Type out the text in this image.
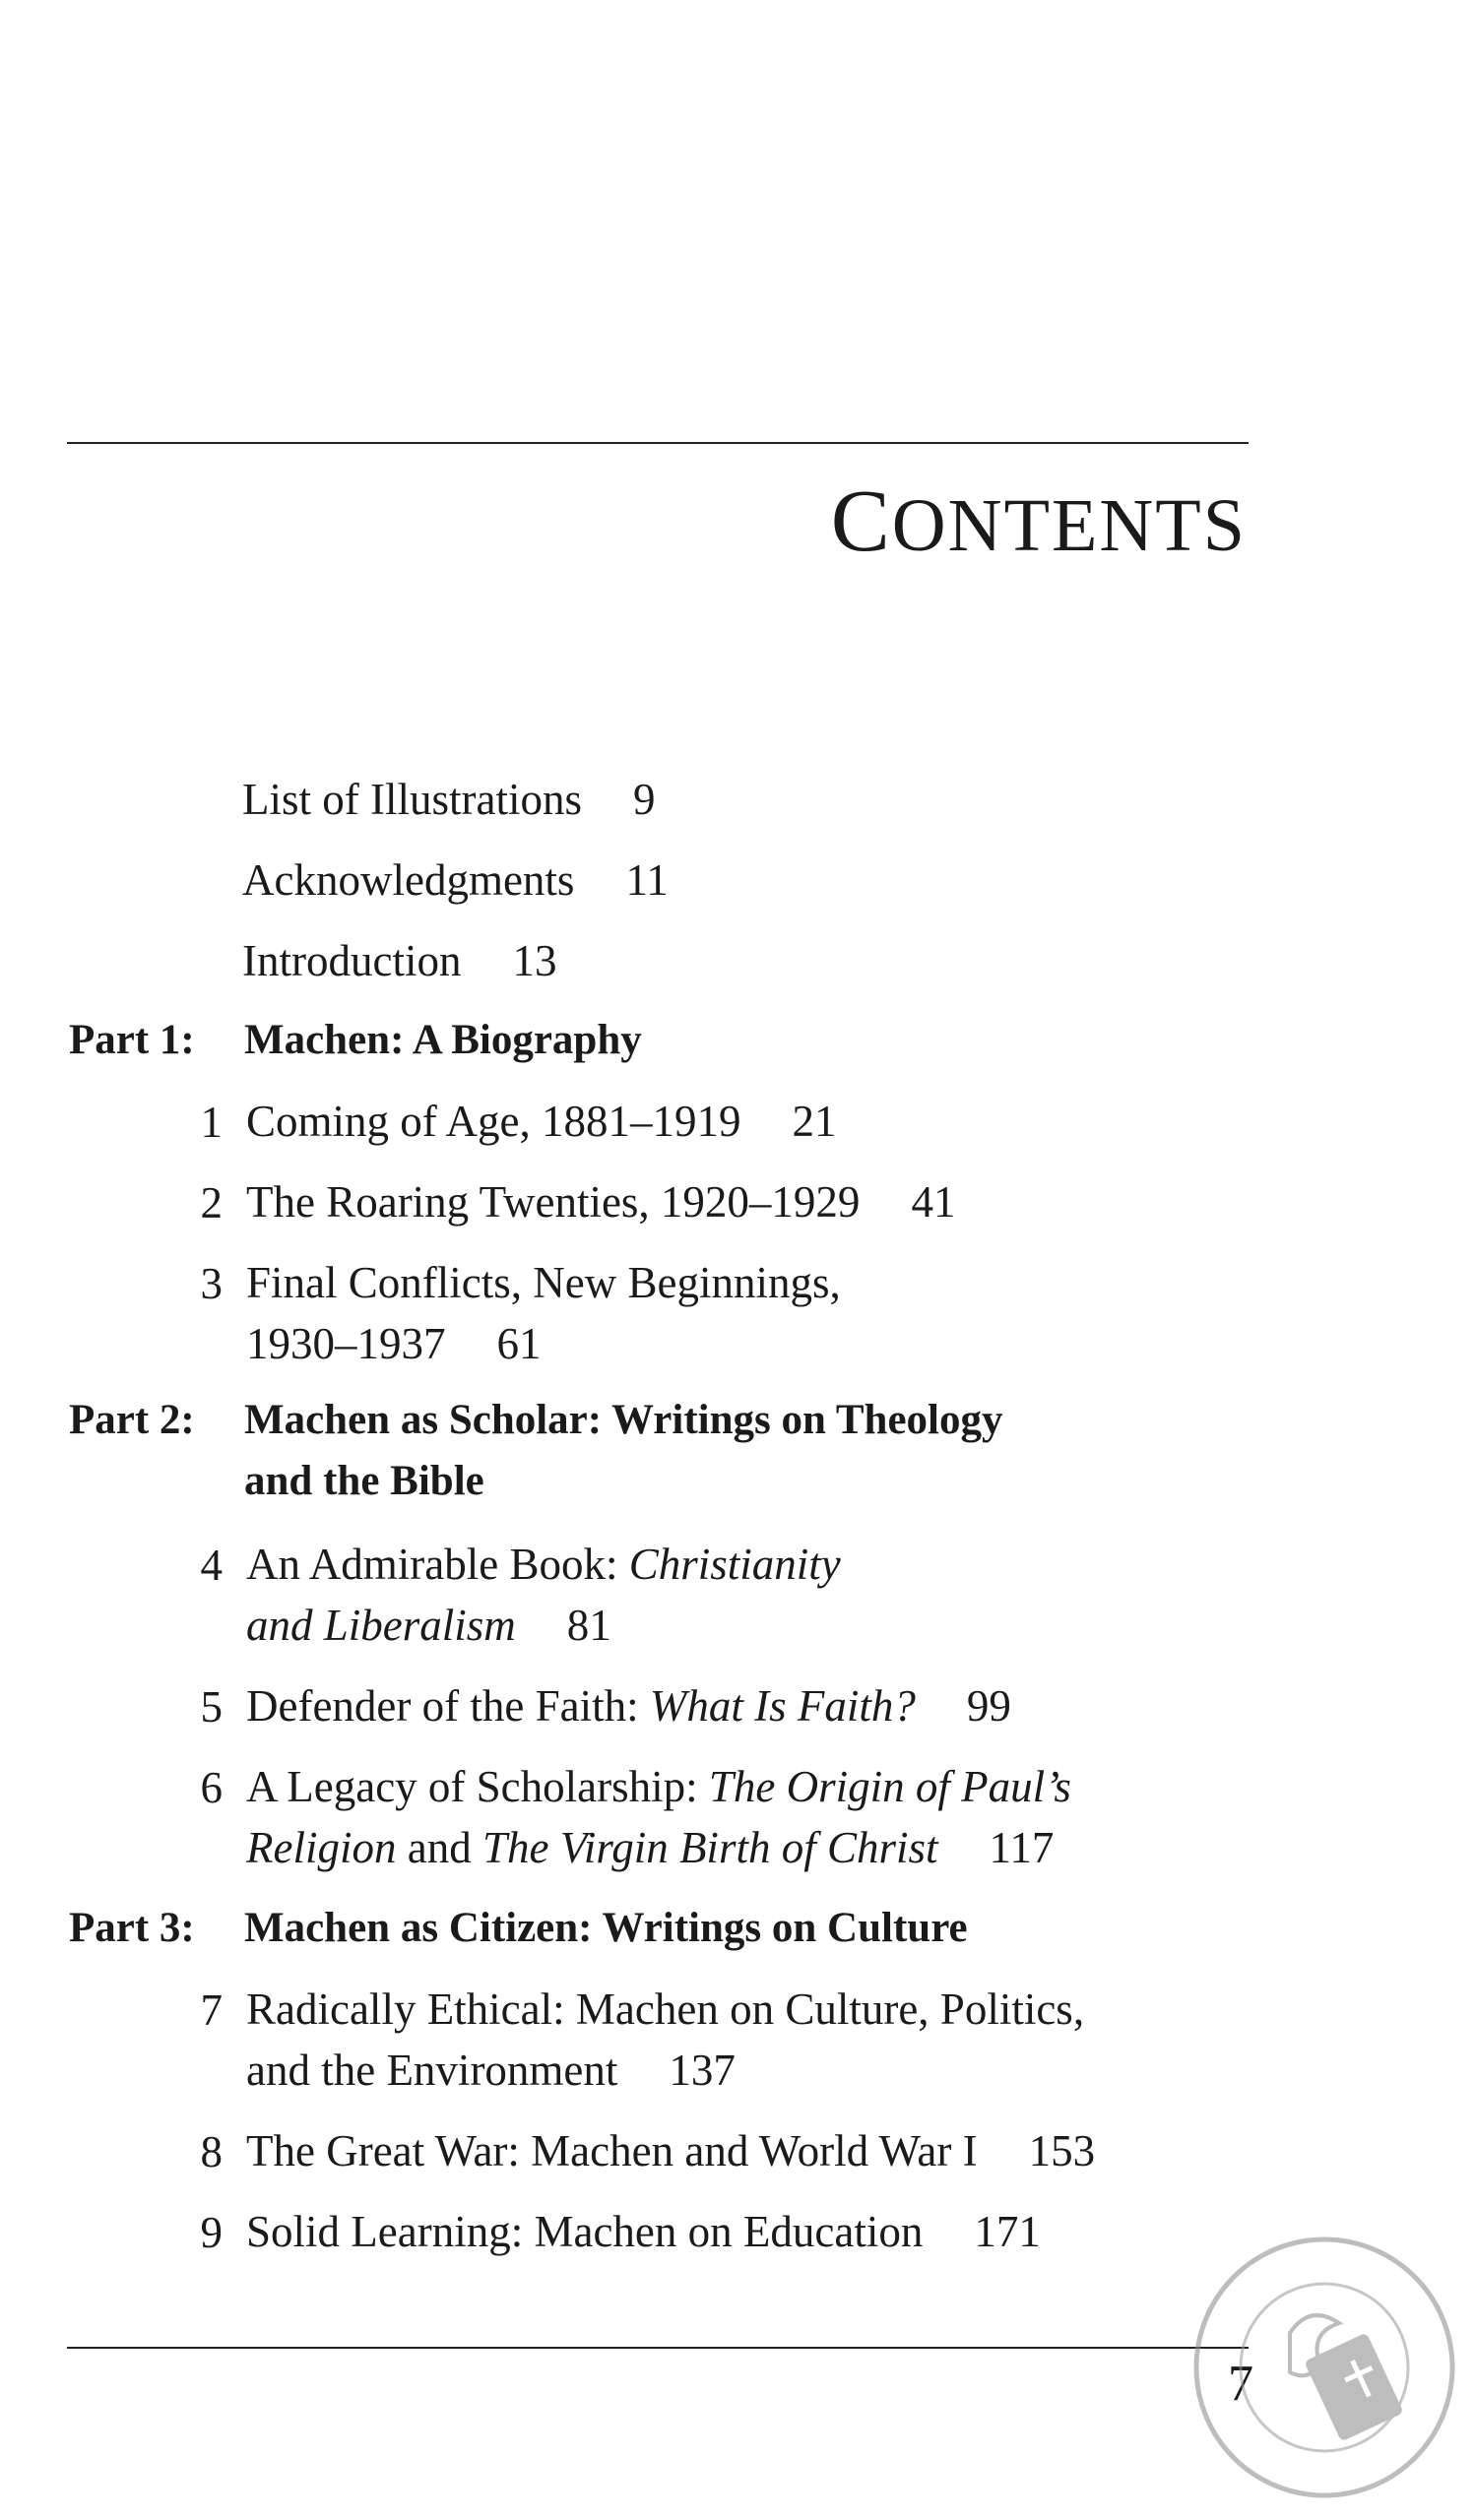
CONTENTS
List of Illustrations 9
Acknowledgments 11
Introduction 13
Part 1: Machen: A Biography
1 Coming of Age, 1881–1919 21
2 The Roaring Twenties, 1920–1929 41
3 Final Conflicts, New Beginnings,
1930–1937 61
Part 2: Machen as Scholar: Writings on Theology
and the Bible
4 An Admirable Book: Christianity
and Liberalism 81
5 Defender of the Faith: What Is Faith? 99
6 A Legacy of Scholarship: The Origin of Paul’s
Religion and The Virgin Birth of Christ 117
Part 3: Machen as Citizen: Writings on Culture
7 Radically Ethical: Machen on Culture, Politics,
and the Environment 137
8 The Great War: Machen and World War I 153
9 Solid Learning: Machen on Education 171
7
